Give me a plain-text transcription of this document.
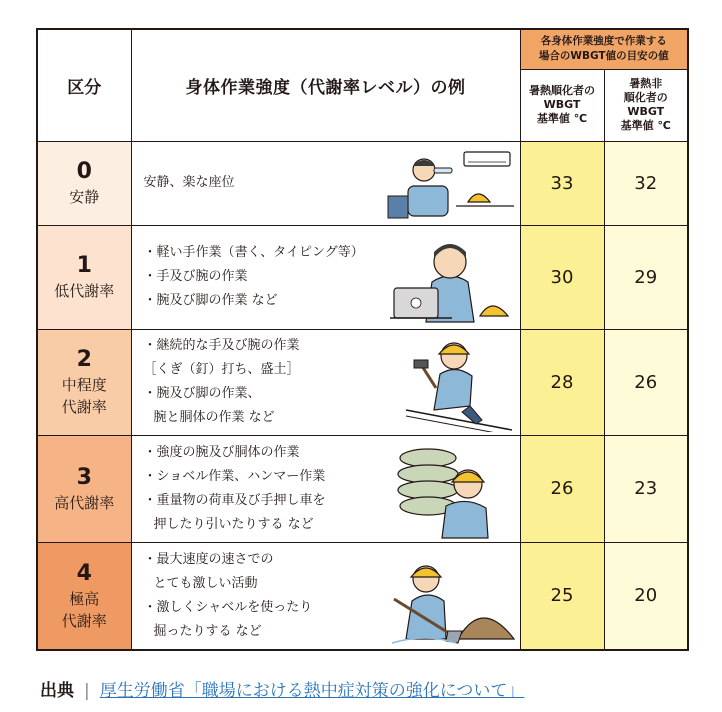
区分	身体作業強度（代謝率レベル）の例	各身体作業強度で作業する
場合のWBGT値の目安の値	

		暑熱順化者の
WBGT
基準値 ℃	暑熱非
順化者の
WBGT
基準値 ℃

0
安静	安静、楽な座位	33	32

1
低代謝率	・軽い手作業（書く、タイピング等）
・手及び腕の作業
・腕及び脚の作業 など	30	29

2
中程度
代謝率	・継続的な手及び腕の作業
［くぎ（釘）打ち、盛土］
・腕及び脚の作業、
腕と胴体の作業 など	28	26

3
高代謝率	・強度の腕及び胴体の作業
・ショベル作業、ハンマー作業
・重量物の荷車及び手押し車を
押したり引いたりする など	26	23

4
極高
代謝率	・最大速度の速さでの
とても激しい活動
・激しくシャベルを使ったり
掘ったりする など	25	20
出典 | 厚生労働省「職場における熱中症対策の強化について」
